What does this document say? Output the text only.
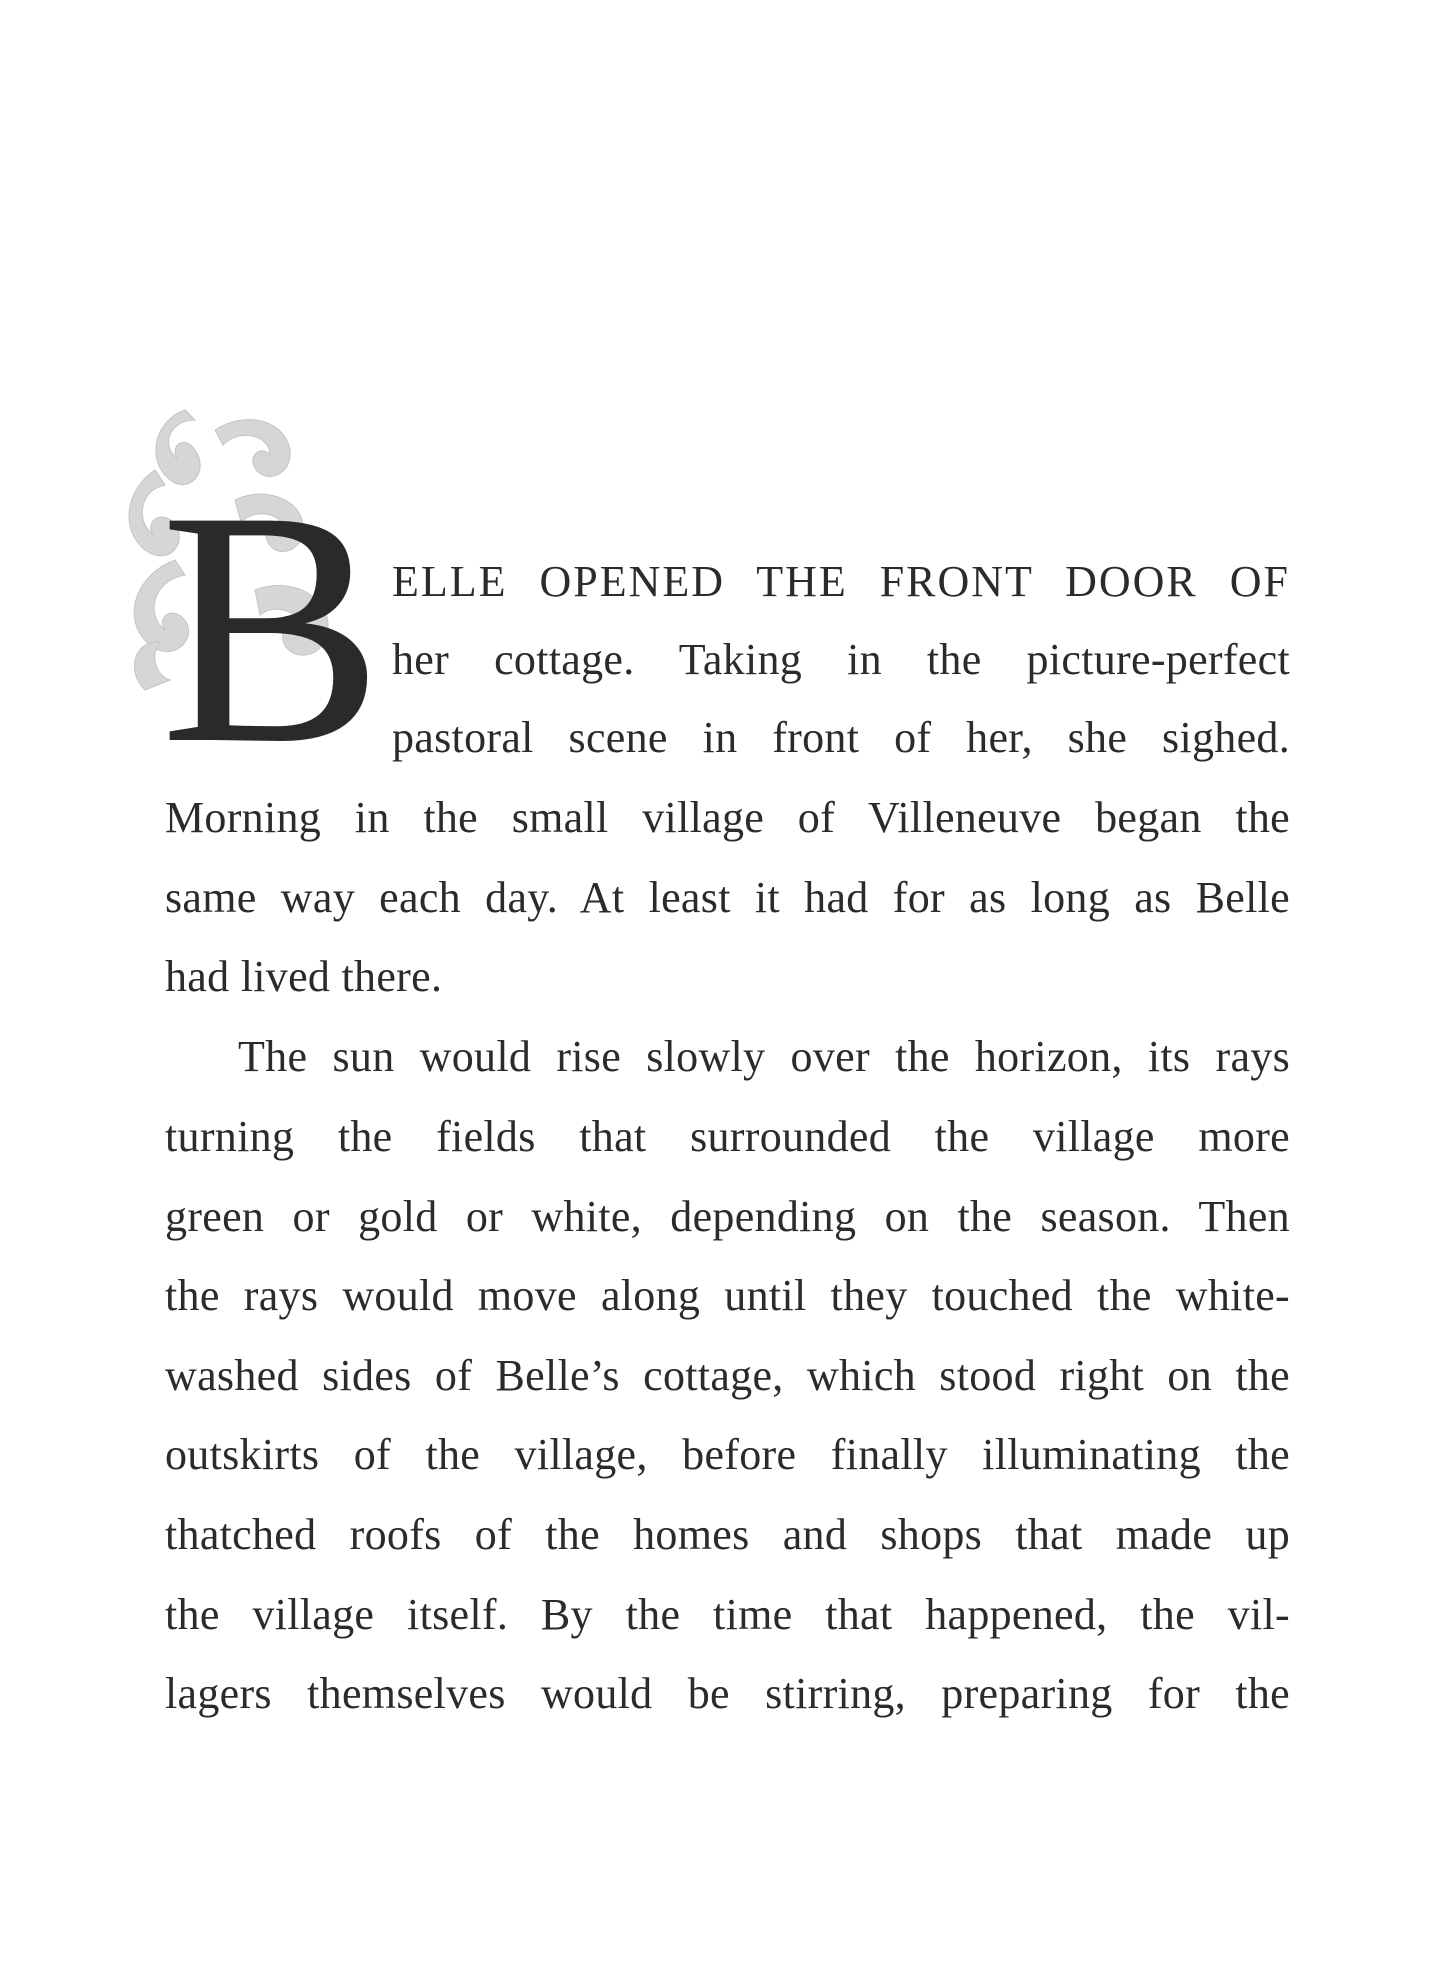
B ELLE OPENED THE FRONT DOOR OF
her cottage. Taking in the picture-perfect
pastoral scene in front of her, she sighed.
Morning in the small village of Villeneuve began the
same way each day. At least it had for as long as Belle
had lived there.
The sun would rise slowly over the horizon, its rays
turning the fields that surrounded the village more
green or gold or white, depending on the season. Then
the rays would move along until they touched the white-
washed sides of Belle’s cottage, which stood right on the
outskirts of the village, before finally illuminating the
thatched roofs of the homes and shops that made up
the village itself. By the time that happened, the vil-
lagers themselves would be stirring, preparing for the
